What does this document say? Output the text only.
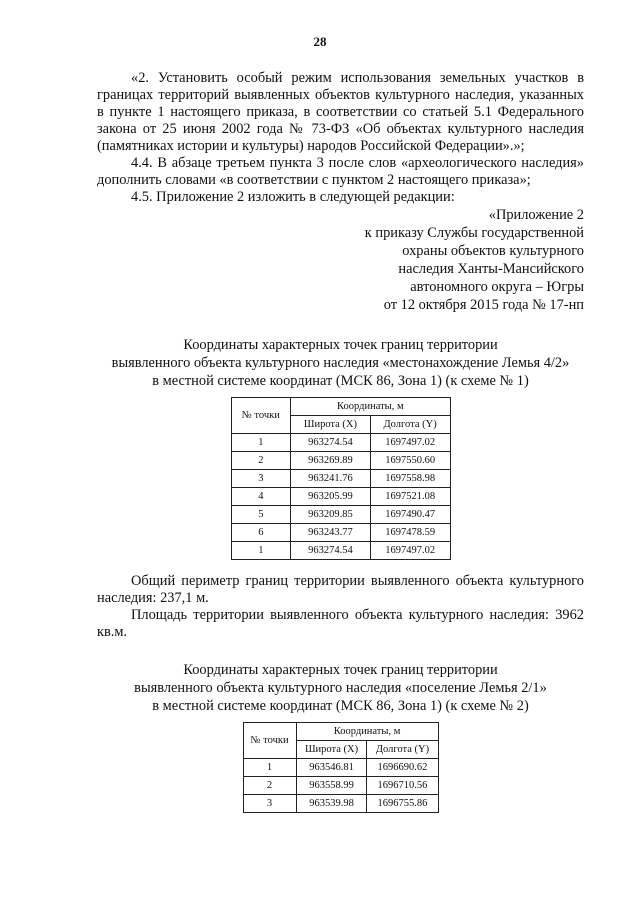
28

«2. Установить особый режим использования земельных участков в границах территорий выявленных объектов культурного наследия, указанных в пункте 1 настоящего приказа, в соответствии со статьей 5.1 Федерального закона от 25 июня 2002 года № 73-ФЗ «Об объектах культурного наследия (памятниках истории и культуры) народов Российской Федерации».»;

4.4. В абзаце третьем пункта 3 после слов «археологического наследия» дополнить словами «в соответствии с пунктом 2 настоящего приказа»;

4.5. Приложение 2 изложить в следующей редакции:

«Приложение 2
к приказу Службы государственной
охраны объектов культурного
наследия Ханты-Мансийского
автономного округа – Югры
от 12 октября 2015 года № 17-нп
Координаты характерных точек границ территории
выявленного объекта культурного наследия «местонахождение Лемья 4/2»
в местной системе координат (МСК 86, Зона 1) (к схеме № 1)
№ точки	Координаты, м	
	Широта (X)	Долгота (Y)
1	963274.54	1697497.02
2	963269.89	1697550.60
3	963241.76	1697558.98
4	963205.99	1697521.08
5	963209.85	1697490.47
6	963243.77	1697478.59
1	963274.54	1697497.02

Общий периметр границ территории выявленного объекта культурного наследия: 237,1 м.

Площадь территории выявленного объекта культурного наследия: 3962 кв.м.

Координаты характерных точек границ территории
выявленного объекта культурного наследия «поселение Лемья 2/1»
в местной системе координат (МСК 86, Зона 1) (к схеме № 2)
№ точки	Координаты, м	
	Широта (X)	Долгота (Y)
1	963546.81	1696690.62
2	963558.99	1696710.56
3	963539.98	1696755.86
